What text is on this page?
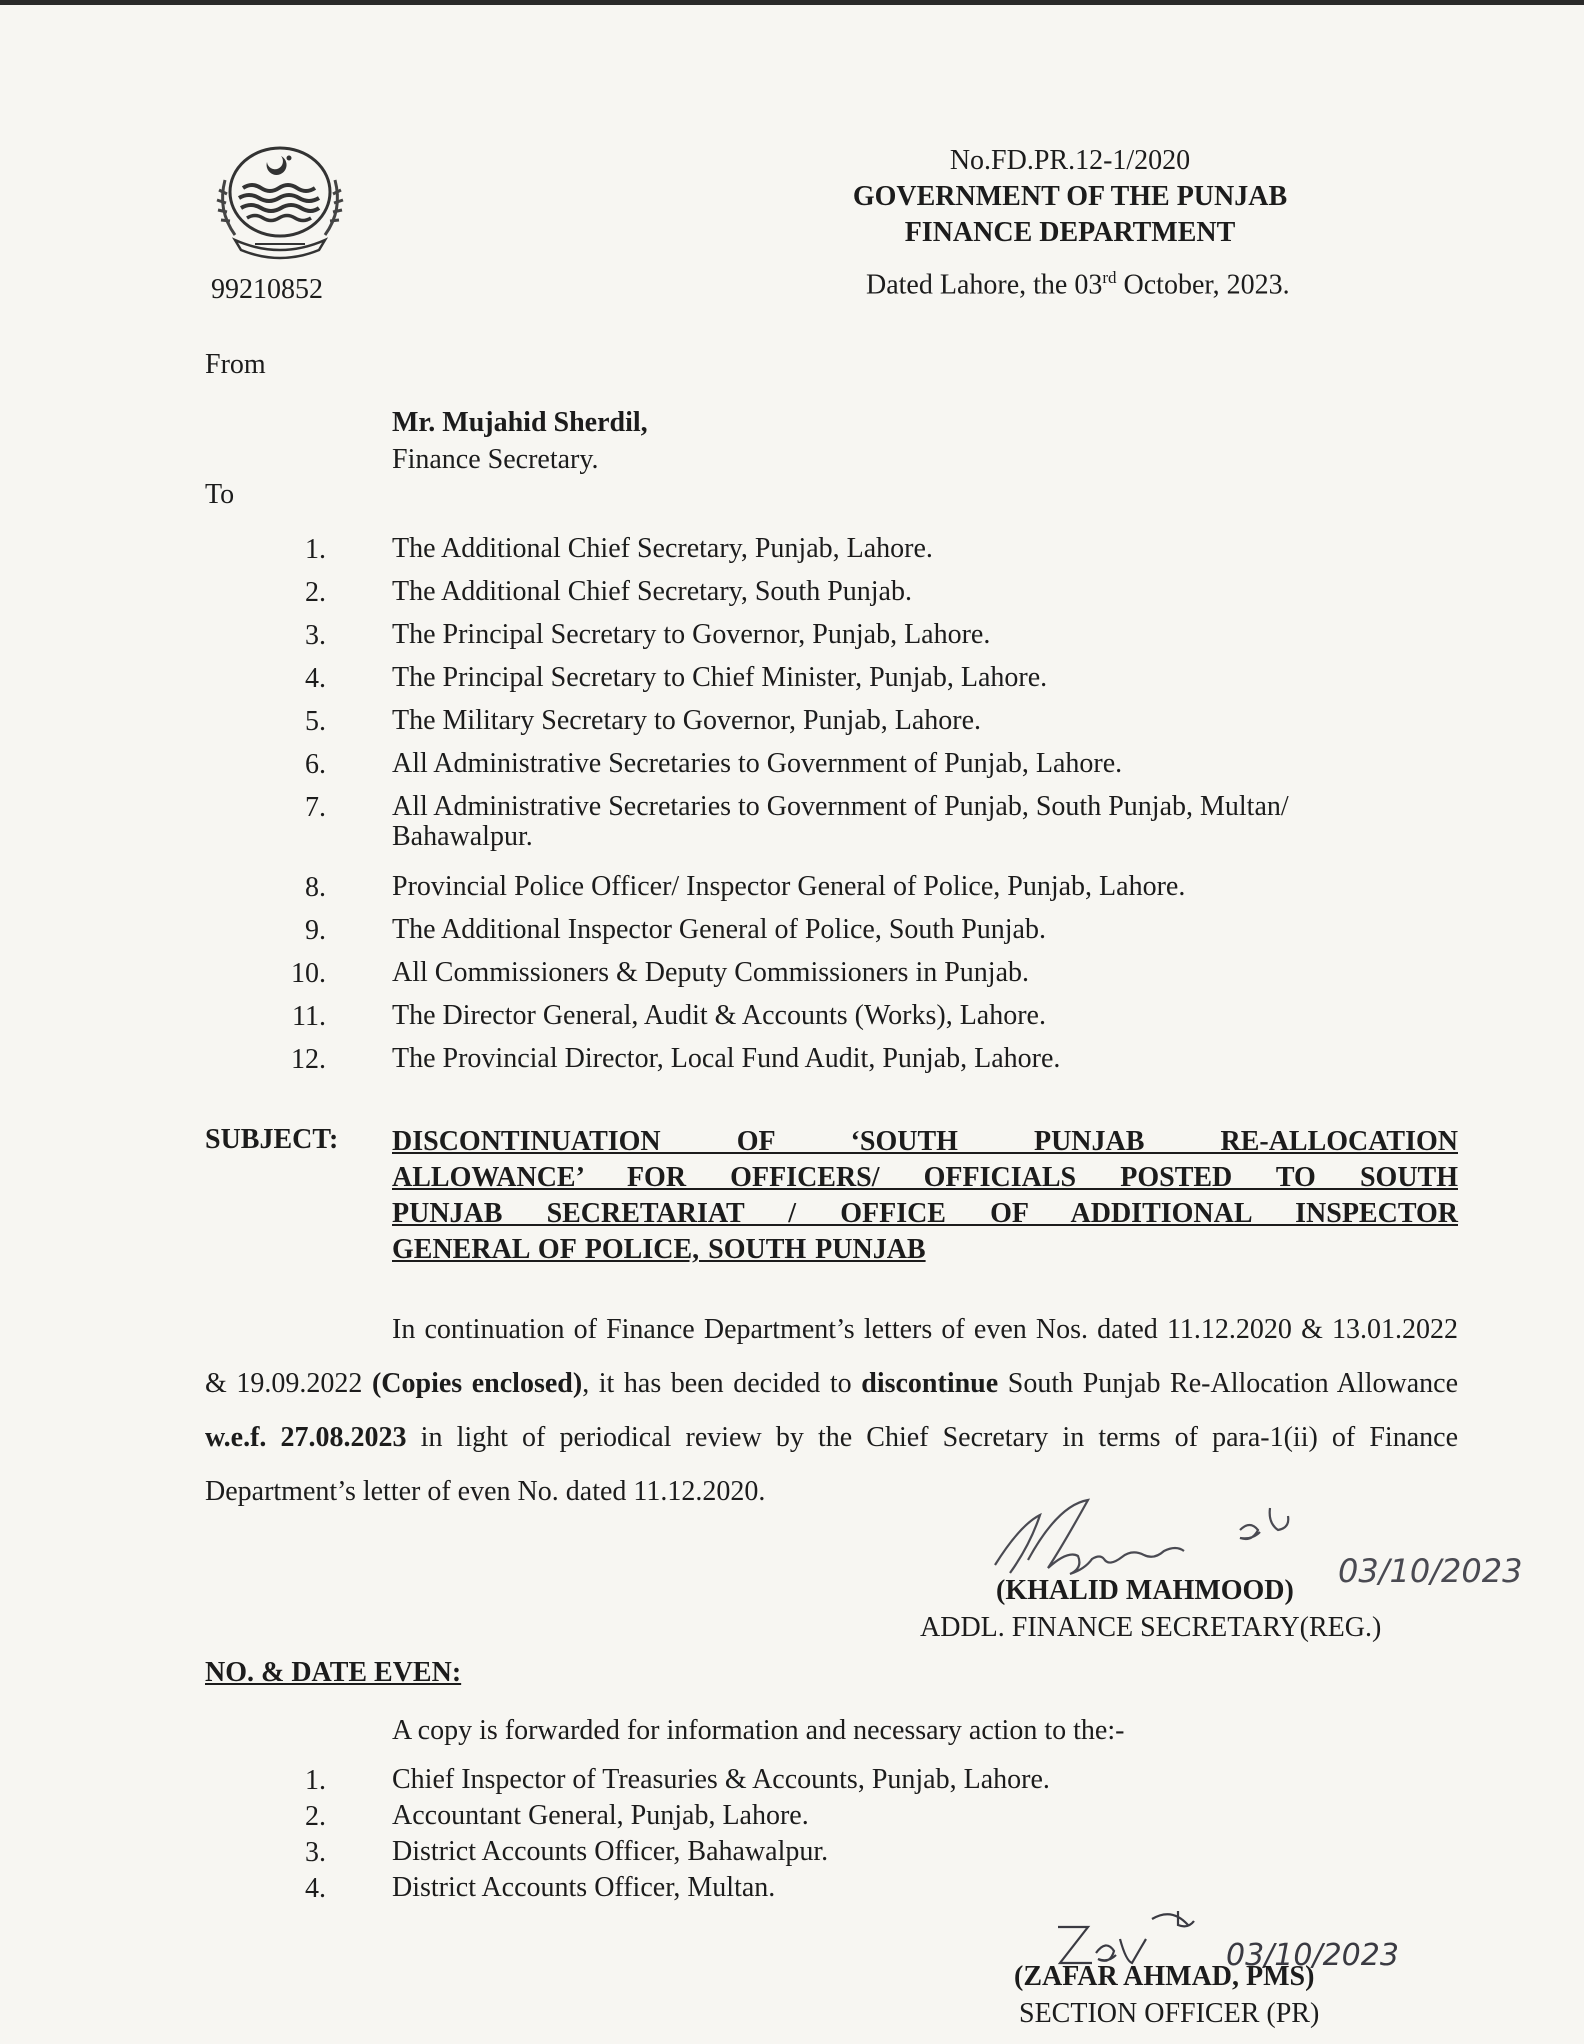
99210852
No.FD.PR.12-1/2020
GOVERNMENT OF THE PUNJAB
FINANCE DEPARTMENT
Dated Lahore, the 03rd October, 2023.
From
Mr. Mujahid Sherdil,
Finance Secretary.
To
1. The Additional Chief Secretary, Punjab, Lahore.
2. The Additional Chief Secretary, South Punjab.
3. The Principal Secretary to Governor, Punjab, Lahore.
4. The Principal Secretary to Chief Minister, Punjab, Lahore.
5. The Military Secretary to Governor, Punjab, Lahore.
6. All Administrative Secretaries to Government of Punjab, Lahore.
7. All Administrative Secretaries to Government of Punjab, South Punjab, Multan/ Bahawalpur.
8. Provincial Police Officer/ Inspector General of Police, Punjab, Lahore.
9. The Additional Inspector General of Police, South Punjab.
10. All Commissioners & Deputy Commissioners in Punjab.
11. The Director General, Audit & Accounts (Works), Lahore.
12. The Provincial Director, Local Fund Audit, Punjab, Lahore.
SUBJECT: DISCONTINUATION OF ‘SOUTH PUNJAB RE-ALLOCATION
ALLOWANCE’ FOR OFFICERS/ OFFICIALS POSTED TO SOUTH
PUNJAB SECRETARIAT / OFFICE OF ADDITIONAL INSPECTOR
GENERAL OF POLICE, SOUTH PUNJAB
In continuation of Finance Department’s letters of even Nos. dated 11.12.2020 & 13.01.2022 & 19.09.2022 (Copies enclosed), it has been decided to discontinue South Punjab Re-Allocation Allowance w.e.f. 27.08.2023 in light of periodical review by the Chief Secretary in terms of para-1(ii) of Finance Department’s letter of even No. dated 11.12.2020.
03/10/2023
(KHALID MAHMOOD)
ADDL. FINANCE SECRETARY(REG.)
NO. & DATE EVEN:
A copy is forwarded for information and necessary action to the:-
1. Chief Inspector of Treasuries & Accounts, Punjab, Lahore.
2. Accountant General, Punjab, Lahore.
3. District Accounts Officer, Bahawalpur.
4. District Accounts Officer, Multan.
03/10/2023
(ZAFAR AHMAD, PMS)
SECTION OFFICER (PR)
